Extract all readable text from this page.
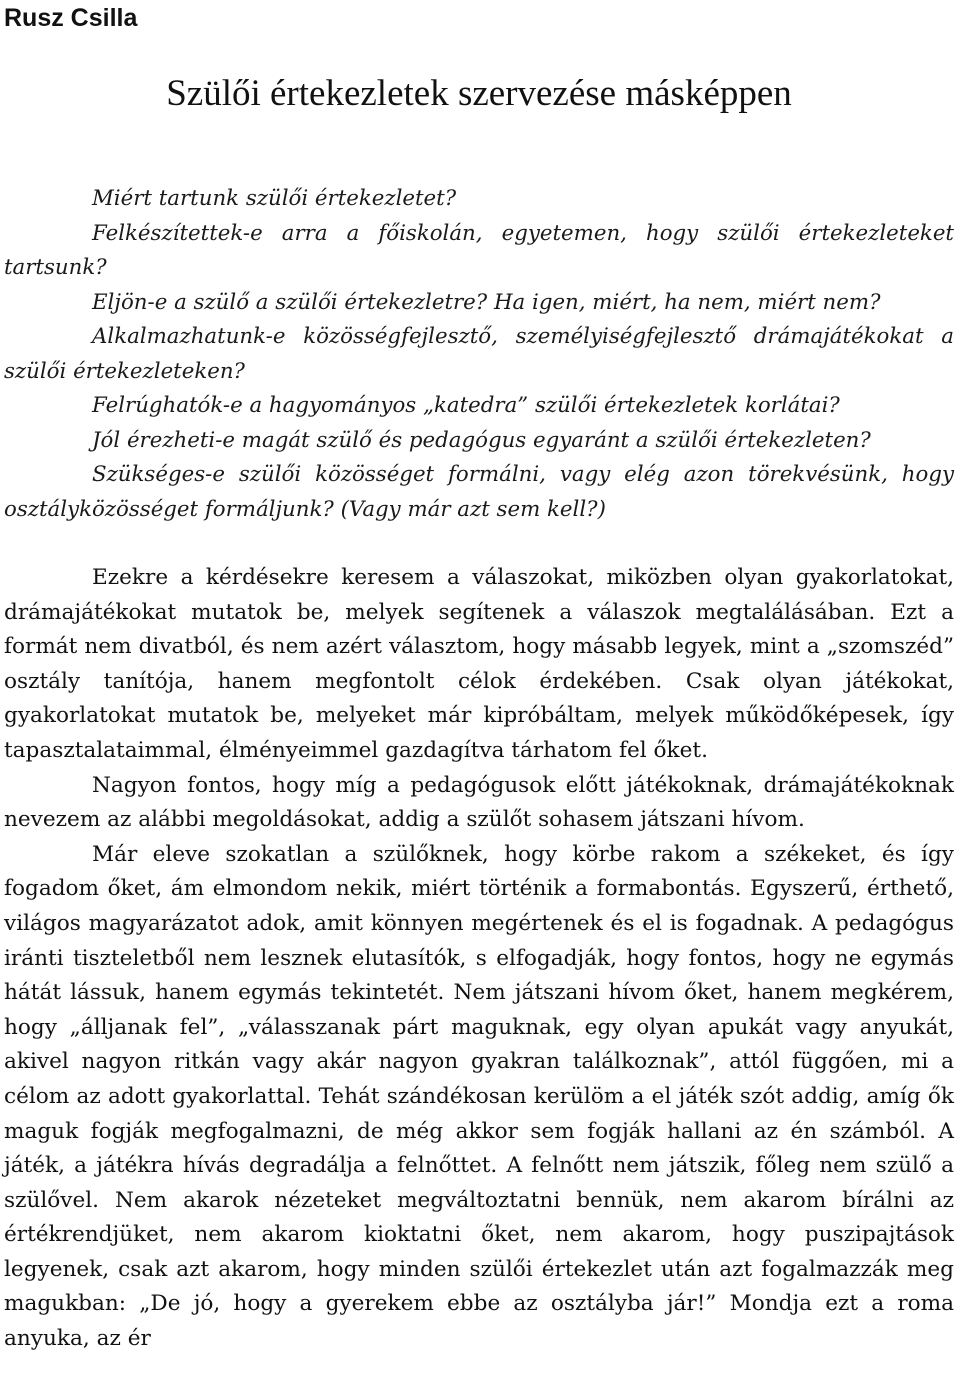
Rusz Csilla
Szülői értekezletek szervezése másképpen

Miért tartunk szülői értekezletet?

Felkészítettek-e arra a főiskolán, egyetemen, hogy szülői értekezleteket tartsunk?

Eljön-e a szülő a szülői értekezletre? Ha igen, miért, ha nem, miért nem?

Alkalmazhatunk-e közösségfejlesztő, személyiségfejlesztő drámajátékokat a szülői értekezleteken?

Felrúghatók-e a hagyományos „katedra” szülői értekezletek korlátai?

Jól érezheti-e magát szülő és pedagógus egyaránt a szülői értekezleten?

Szükséges-e szülői közösséget formálni, vagy elég azon törekvésünk, hogy osztályközösséget formáljunk? (Vagy már azt sem kell?)

Ezekre a kérdésekre keresem a válaszokat, miközben olyan gyakorlatokat, drámajátékokat mutatok be, melyek segítenek a válaszok megtalálásában. Ezt a formát nem divatból, és nem azért választom, hogy másabb legyek, mint a „szomszéd” osztály tanítója, hanem megfontolt célok érdekében. Csak olyan játékokat, gyakorlatokat mutatok be, melyeket már kipróbáltam, melyek működőképesek, így tapasztalataimmal, élményeimmel gazdagítva tárhatom fel őket.

Nagyon fontos, hogy míg a pedagógusok előtt játékoknak, drámajátékoknak nevezem az alábbi megoldásokat, addig a szülőt sohasem játszani hívom.

Már eleve szokatlan a szülőknek, hogy körbe rakom a székeket, és így fogadom őket, ám elmondom nekik, miért történik a formabontás. Egyszerű, érthető, világos magyarázatot adok, amit könnyen megértenek és el is fogadnak. A pedagógus iránti tiszteletből nem lesznek elutasítók, s elfogadják, hogy fontos, hogy ne egymás hátát lássuk, hanem egymás tekintetét. Nem játszani hívom őket, hanem megkérem, hogy „álljanak fel”, „válasszanak párt maguknak, egy olyan apukát vagy anyukát, akivel nagyon ritkán vagy akár nagyon gyakran találkoznak”, attól függően, mi a célom az adott gyakorlattal. Tehát szándékosan kerülöm a el játék szót addig, amíg ők maguk fogják megfogalmazni, de még akkor sem fogják hallani az én számból. A játék, a játékra hívás degradálja a felnőttet. A felnőtt nem játszik, főleg nem szülő a szülővel. Nem akarok nézeteket megváltoztatni bennük, nem akarom bírálni az értékrendjüket, nem akarom kioktatni őket, nem akarom, hogy puszipajtások legyenek, csak azt akarom, hogy minden szülői értekezlet után azt fogalmazzák meg magukban: „De jó, hogy a gyerekem ebbe az osztályba jár!” Mondja ezt a roma anyuka, az ér
